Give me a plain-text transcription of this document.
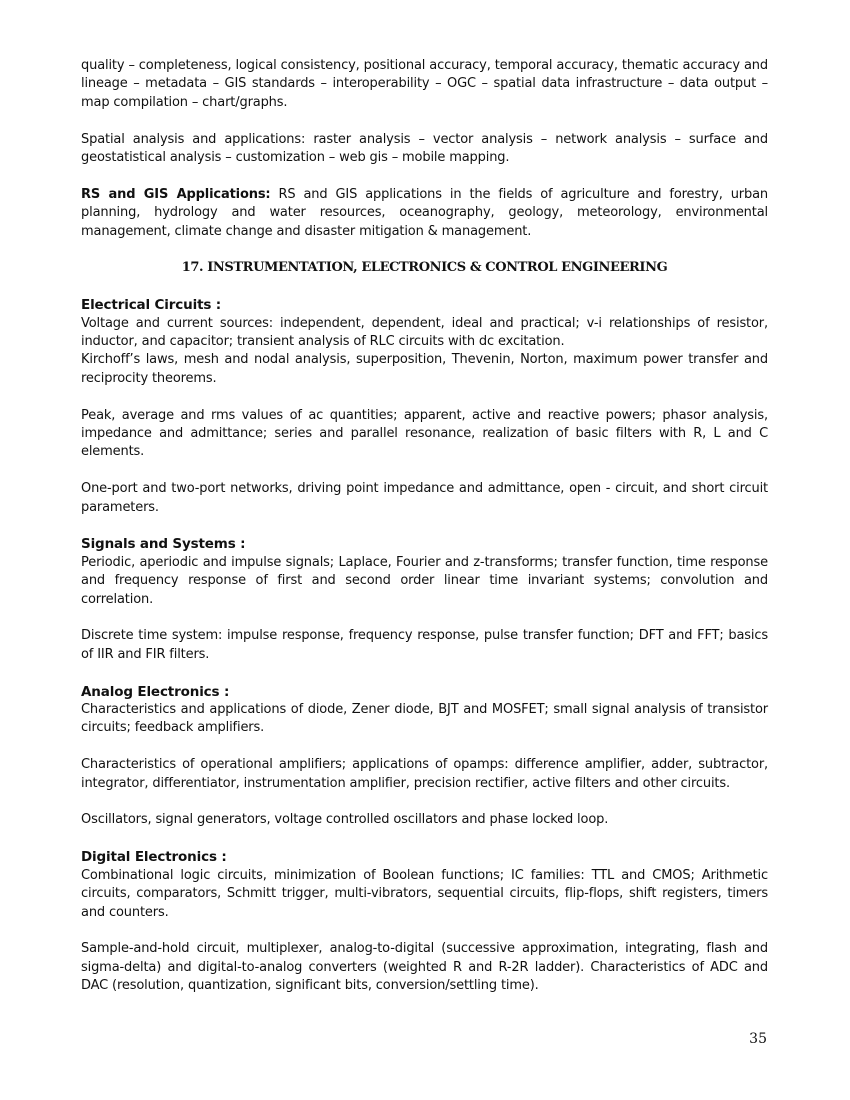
quality – completeness, logical consistency, positional accuracy, temporal accuracy, thematic accuracy and lineage – metadata – GIS standards – interoperability – OGC – spatial data infrastructure – data output – map compilation – chart/graphs.

Spatial analysis and applications: raster analysis – vector analysis – network analysis – surface and geostatistical analysis – customization – web gis – mobile mapping.

RS and GIS Applications: RS and GIS applications in the fields of agriculture and forestry, urban planning, hydrology and water resources, oceanography, geology, meteorology, environmental management, climate change and disaster mitigation & management.

17. INSTRUMENTATION, ELECTRONICS & CONTROL ENGINEERING
Electrical Circuits :

Voltage and current sources: independent, dependent, ideal and practical; v-i relationships of resistor, inductor, and capacitor; transient analysis of RLC circuits with dc excitation.

Kirchoff’s laws, mesh and nodal analysis, superposition, Thevenin, Norton, maximum power transfer and reciprocity theorems.

Peak, average and rms values of ac quantities; apparent, active and reactive powers; phasor analysis, impedance and admittance; series and parallel resonance, realization of basic filters with R, L and C elements.

One-port and two-port networks, driving point impedance and admittance, open - circuit, and short circuit parameters.

Signals and Systems :

Periodic, aperiodic and impulse signals; Laplace, Fourier and z-transforms; transfer function, time response and frequency response of first and second order linear time invariant systems; convolution and correlation.

Discrete time system: impulse response, frequency response, pulse transfer function; DFT and FFT; basics of IIR and FIR filters.

Analog Electronics :

Characteristics and applications of diode, Zener diode, BJT and MOSFET; small signal analysis of transistor circuits; feedback amplifiers.

Characteristics of operational amplifiers; applications of opamps: difference amplifier, adder, subtractor, integrator, differentiator, instrumentation amplifier, precision rectifier, active filters and other circuits.

Oscillators, signal generators, voltage controlled oscillators and phase locked loop.

Digital Electronics :

Combinational logic circuits, minimization of Boolean functions; IC families: TTL and CMOS; Arithmetic circuits, comparators, Schmitt trigger, multi-vibrators, sequential circuits, flip-flops, shift registers, timers and counters.

Sample-and-hold circuit, multiplexer, analog-to-digital (successive approximation, integrating, flash and sigma-delta) and digital-to-analog converters (weighted R and R-2R ladder). Characteristics of ADC and DAC (resolution, quantization, significant bits, conversion/settling time).

35
